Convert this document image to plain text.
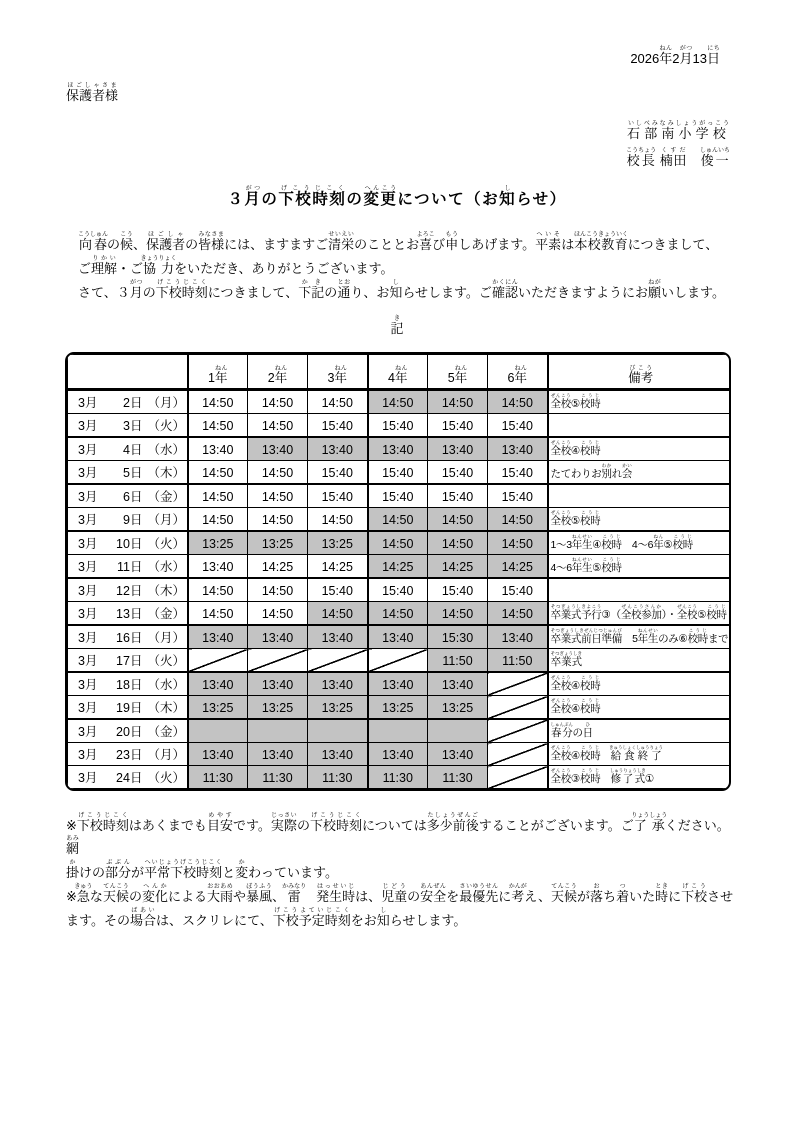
2026年ねん2月がつ13日にち
保護者様ほごしゃさま
石部南小学校いしべみなみしょうがっこう
校長こうちょう 楠田くすだ　俊一しゅんいち
３月がつの下校時刻げこうじこくの変更へんこうについて（お知しらせ）
向春こうしゅんの候こう、保護者ほごしゃの皆様みなさまには、ますますご清栄せいえいのこととお喜よろこび申もうしあげます。平素へいそは本校教育ほんこうきょういくにつきまして、
ご理解りかい・ご協力きょうりょくをいただき、ありがとうございます。
さて、３月がつの下校時刻げこうじこくにつきまして、下記かきの通とおり、お知しらせします。ご確認かくにんいただきますようにお願ねがいします。
記き
	1年ねん	2年ねん	3年ねん	4年ねん	5年ねん	6年ねん	備考びこう
3月 2日 （月）	14:50	14:50	14:50	14:50	14:50	14:50	全校ぜんこう⑤校時こうじ
3月 3日 （火）	14:50	14:50	15:40	15:40	15:40	15:40	
3月 4日 （水）	13:40	13:40	13:40	13:40	13:40	13:40	全校ぜんこう④校時こうじ
3月 5日 （木）	14:50	14:50	15:40	15:40	15:40	15:40	たてわりお別わかれ会かい
3月 6日 （金）	14:50	14:50	15:40	15:40	15:40	15:40	
3月 9日 （月）	14:50	14:50	14:50	14:50	14:50	14:50	全校ぜんこう⑤校時こうじ
3月 10日 （火）	13:25	13:25	13:25	14:50	14:50	14:50	1～3年生ねんせい④校時こうじ　4～6年ねん⑤校時こうじ
3月 11日 （水）	13:40	14:25	14:25	14:25	14:25	14:25	4～6年生ねんせい⑤校時こうじ
3月 12日 （木）	14:50	14:50	15:40	15:40	15:40	15:40	
3月 13日 （金）	14:50	14:50	14:50	14:50	14:50	14:50	卒業式予行そつぎょうしきよこう③（全校参加ぜんこうさんか）・全校ぜんこう⑤校時こうじ
3月 16日 （月）	13:40	13:40	13:40	13:40	15:30	13:40	卒業式前日準備そつぎょうしきぜんじつじゅんび　5年生ねんせいのみ⑥校時こうじまで
3月 17日 （火）					11:50	11:50	卒業式そつぎょうしき
3月 18日 （水）	13:40	13:40	13:40	13:40	13:40		全校ぜんこう④校時こうじ
3月 19日 （木）	13:25	13:25	13:25	13:25	13:25		全校ぜんこう④校時こうじ
3月 20日 （金）							春分しゅんぶんの日ひ
3月 23日 （月）	13:40	13:40	13:40	13:40	13:40		全校ぜんこう④校時こうじ　給食終了きゅうしょくしゅうりょう
3月 24日 （火）	11:30	11:30	11:30	11:30	11:30		全校ぜんこう③校時こうじ　修了式しゅうりょうしき①
※下校時刻げこうじこくはあくまでも目安めやすです。実際じっさいの下校時刻げこうじこくについては多少前後たしょうぜんごすることがございます。ご了承りょうしょうください。　網あみ
掛かけの部分ぶぶんが平常下校時刻へいじょうげこうじこくと変かわっています。
※急きゅうな天候てんこうの変化へんかによる大雨おおあめや暴風ぼうふう、雷かみなり　発生時はっせいじは、児童じどうの安全あんぜんを最優先さいゆうせんに考かんがえ、天候てんこうが落おち着ついた時ときに下校げこうさせ
ます。その場合ばあいは、スクリレにて、下校予定時刻げこうよていじこくをお知しらせします。
